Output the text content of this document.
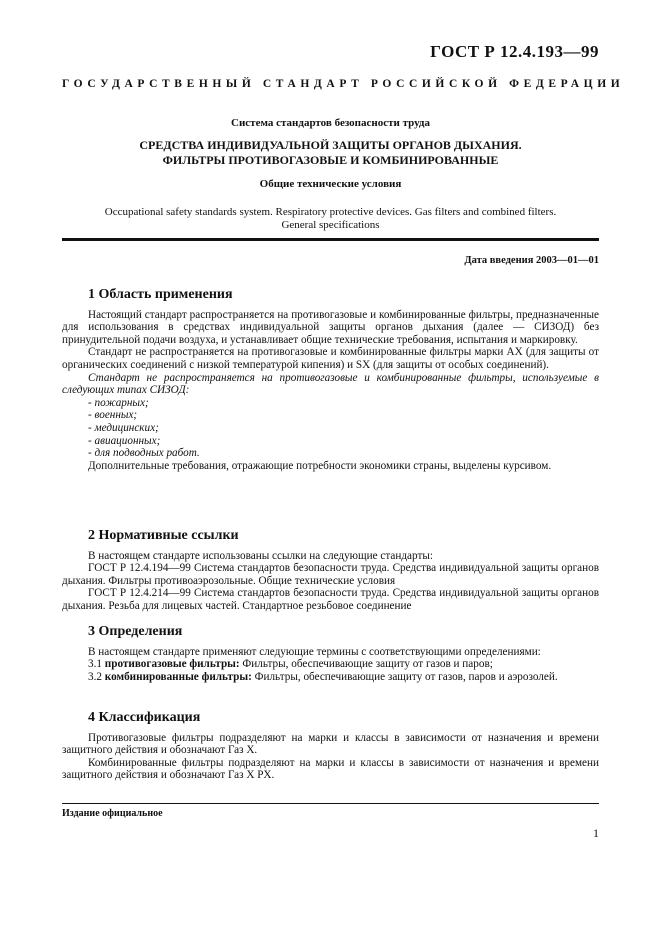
ГОСТ Р 12.4.193—99
ГОСУДАРСТВЕННЫЙ СТАНДАРТ РОССИЙСКОЙ ФЕДЕРАЦИИ
Система стандартов безопасности труда
СРЕДСТВА ИНДИВИДУАЛЬНОЙ ЗАЩИТЫ ОРГАНОВ ДЫХАНИЯ.
ФИЛЬТРЫ ПРОТИВОГАЗОВЫЕ И КОМБИНИРОВАННЫЕ
Общие технические условия
Occupational safety standards system. Respiratory protective devices. Gas filters and combined filters.
General specifications
Дата введения 2003—01—01
1 Область применения

Настоящий стандарт распространяется на противогазовые и комбинированные фильтры, предназначенные для использования в средствах индивидуальной защиты органов дыхания (далее — СИЗОД) без принудительной подачи воздуха, и устанавливает общие технические требования, испытания и маркировку.

Стандарт не распространяется на противогазовые и комбинированные фильтры марки АХ (для защиты от органических соединений с низкой температурой кипения) и SX (для защиты от особых соединений).

Стандарт не распространяется на противогазовые и комбинированные фильтры, используемые в следующих типах СИЗОД:

- пожарных;

- военных;

- медицинских;

- авиационных;

- для подводных работ.

Дополнительные требования, отражающие потребности экономики страны, выделены курсивом.

2 Нормативные ссылки

В настоящем стандарте использованы ссылки на следующие стандарты:

ГОСТ Р 12.4.194—99 Система стандартов безопасности труда. Средства индивидуальной защиты органов дыхания. Фильтры противоаэрозольные. Общие технические условия

ГОСТ Р 12.4.214—99 Система стандартов безопасности труда. Средства индивидуальной защиты органов дыхания. Резьба для лицевых частей. Стандартное резьбовое соединение

3 Определения

В настоящем стандарте применяют следующие термины с соответствующими определениями:

3.1 противогазовые фильтры: Фильтры, обеспечивающие защиту от газов и паров;

3.2 комбинированные фильтры: Фильтры, обеспечивающие защиту от газов, паров и аэрозолей.

4 Классификация

Противогазовые фильтры подразделяют на марки и классы в зависимости от назначения и времени защитного действия и обозначают Газ X.

Комбинированные фильтры подразделяют на марки и классы в зависимости от назначения и времени защитного действия и обозначают Газ X PX.

Издание официальное
1
